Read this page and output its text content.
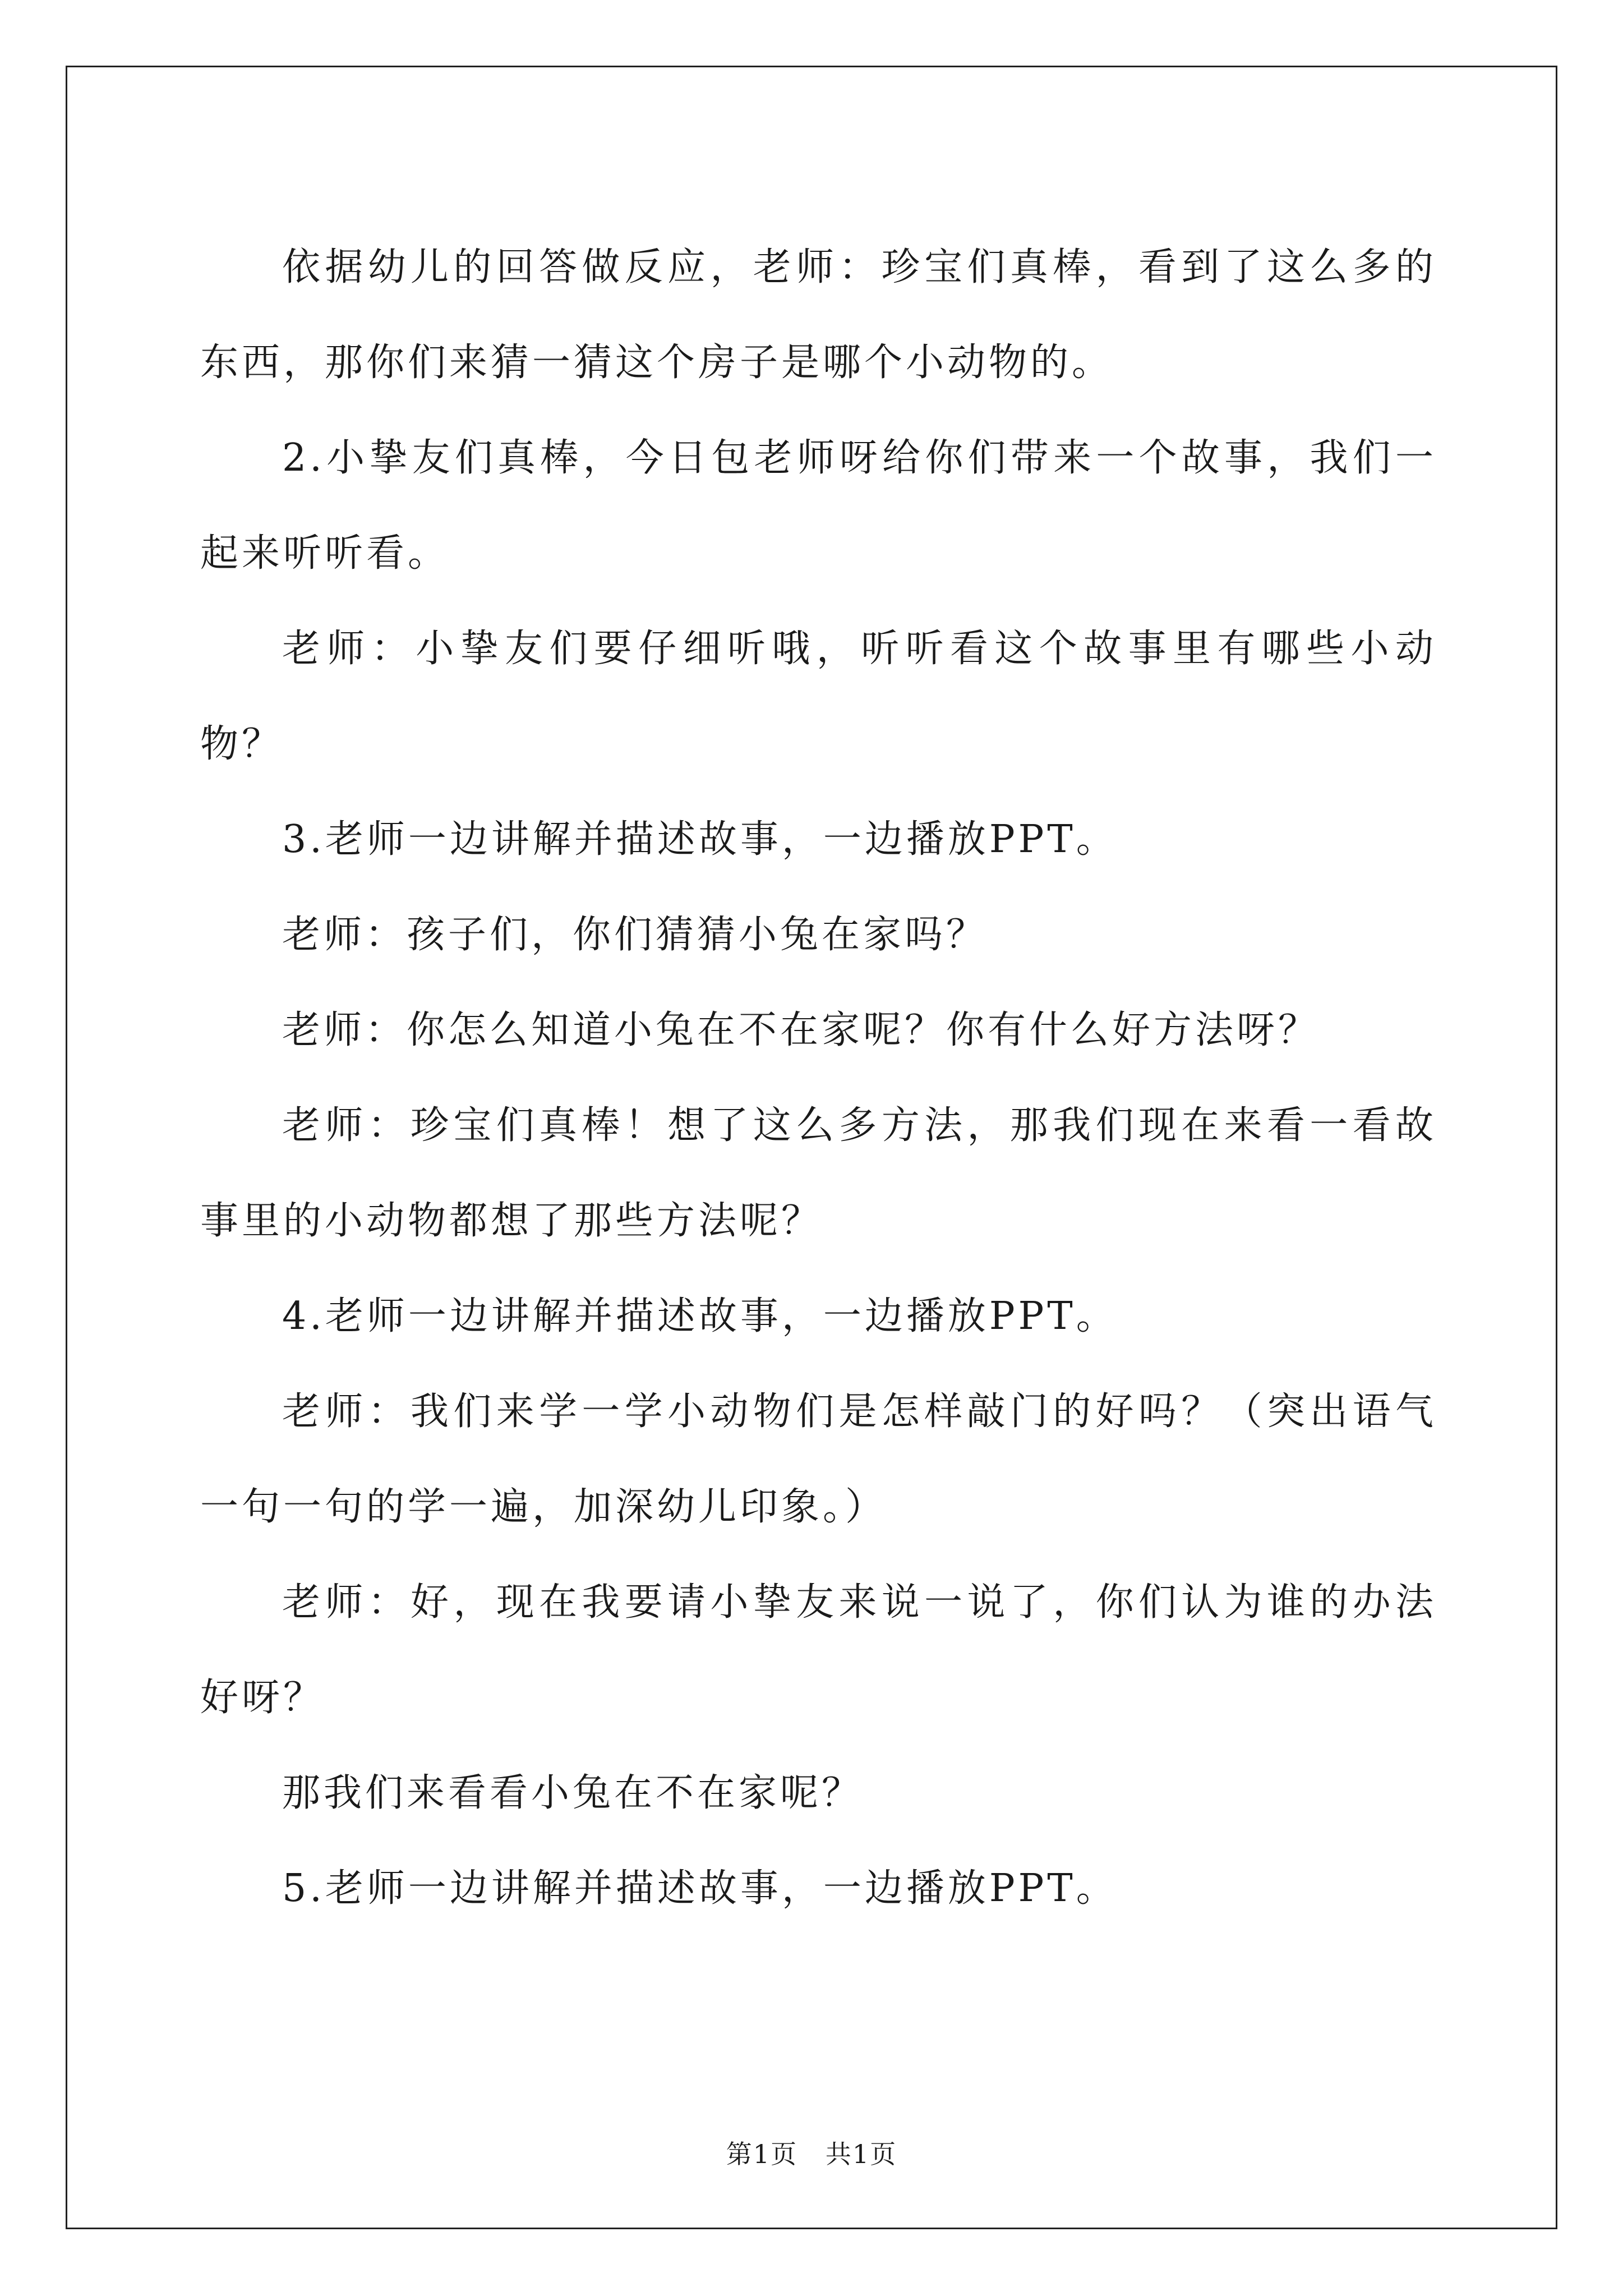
依据幼儿的回答做反应，老师：珍宝们真棒，看到了这么多的东西，那你们来猜一猜这个房子是哪个小动物的。

2.小挚友们真棒，今日包老师呀给你们带来一个故事，我们一起来听听看。

老师：小挚友们要仔细听哦，听听看这个故事里有哪些小动物？

3.老师一边讲解并描述故事，一边播放PPT。

老师：孩子们，你们猜猜小兔在家吗？

老师：你怎么知道小兔在不在家呢？你有什么好方法呀？

老师：珍宝们真棒！想了这么多方法，那我们现在来看一看故事里的小动物都想了那些方法呢？

4.老师一边讲解并描述故事，一边播放PPT。

老师：我们来学一学小动物们是怎样敲门的好吗？（突出语气一句一句的学一遍，加深幼儿印象。）

老师：好，现在我要请小挚友来说一说了，你们认为谁的办法好呀？

那我们来看看小兔在不在家呢？

5.老师一边讲解并描述故事，一边播放PPT。

第1页   共1页
